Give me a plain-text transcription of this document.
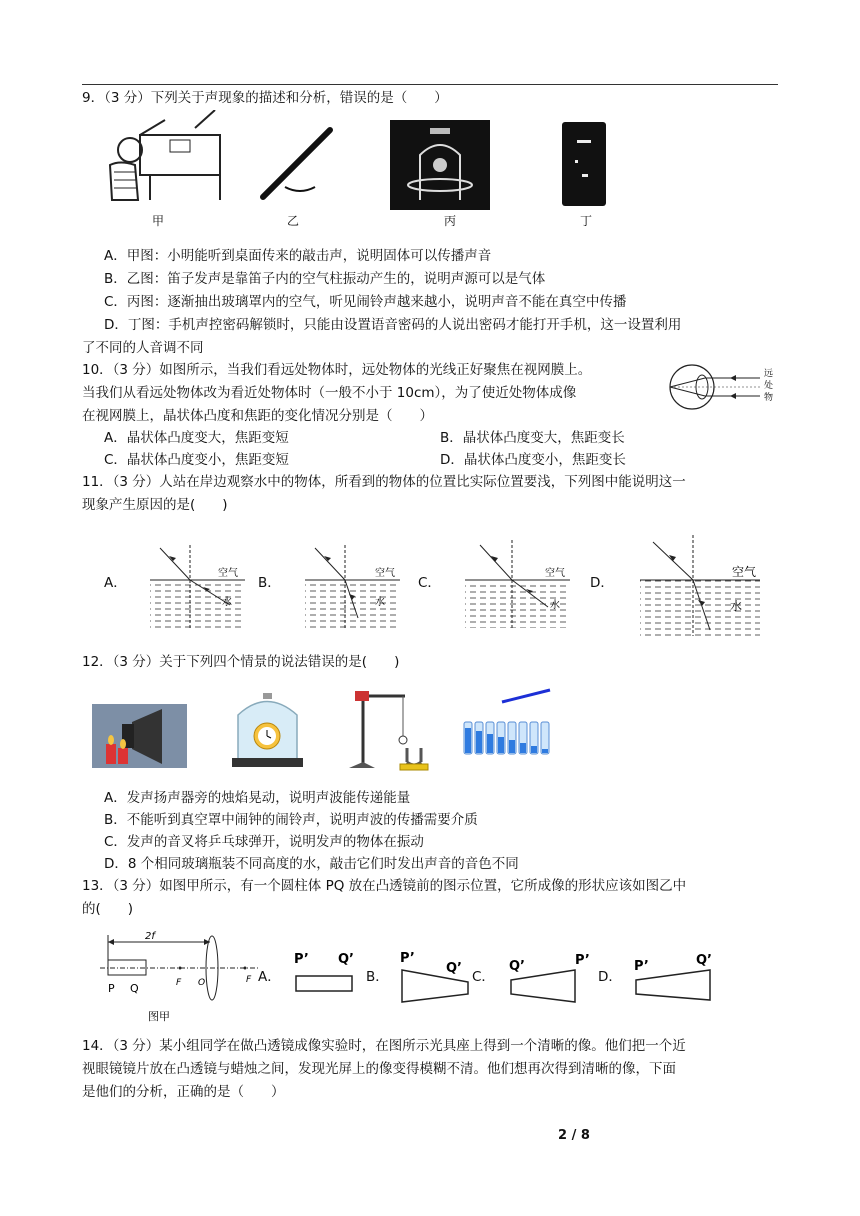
9．（3 分）下列关于声现象的描述和分析，错误的是（　　）
甲	乙	丙	丁
A．甲图：小明能听到桌面传来的敲击声，说明固体可以传播声音
B．乙图：笛子发声是靠笛子内的空气柱振动产生的，说明声源可以是气体
C．丙图：逐渐抽出玻璃罩内的空气，听见闹铃声越来越小，说明声音不能在真空中传播
D．丁图：手机声控密码解锁时，只能由设置语音密码的人说出密码才能打开手机，这一设置利用
了不同的人音调不同
10．（3 分）如图所示，当我们看远处物体时，远处物体的光线正好聚焦在视网膜上。
当我们从看远处物体改为看近处物体时（一般不小于 10cm），为了使近处物体成像
在视网膜上，晶状体凸度和焦距的变化情况分别是（　　）
远
处
物
A．晶状体凸度变大，焦距变短	B．晶状体凸度变大，焦距变长
C．晶状体凸度变小，焦距变短	D．晶状体凸度变小，焦距变长
11．（3 分）人站在岸边观察水中的物体，所看到的物体的位置比实际位置要浅，下列图中能说明这一
现象产生原因的是(　　)
A．
空气
水
B．
空气
水
C．
空气
水
D．
空气
水
12．（3 分）关于下列四个情景的说法错误的是(　　)
A．发声扬声器旁的烛焰晃动，说明声波能传递能量
B．不能听到真空罩中闹钟的闹铃声，说明声波的传播需要介质
C．发声的音叉将乒乓球弹开，说明发声的物体在振动
D．8 个相同玻璃瓶装不同高度的水，敲击它们时发出声音的音色不同
13．（3 分）如图甲所示，有一个圆柱体 PQ 放在凸透镜前的图示位置，它所成像的形状应该如图乙中
的(　　)
2f
F O	F
P Q
图甲
A．
P’ Q’
B．
P’
Q’
C．
Q’	P’
D．
P’	Q’
14．（3 分）某小组同学在做凸透镜成像实验时，在图所示光具座上得到一个清晰的像。他们把一个近
视眼镜镜片放在凸透镜与蜡烛之间，发现光屏上的像变得模糊不清。他们想再次得到清晰的像，下面
是他们的分析，正确的是（　　）
2 / 8
